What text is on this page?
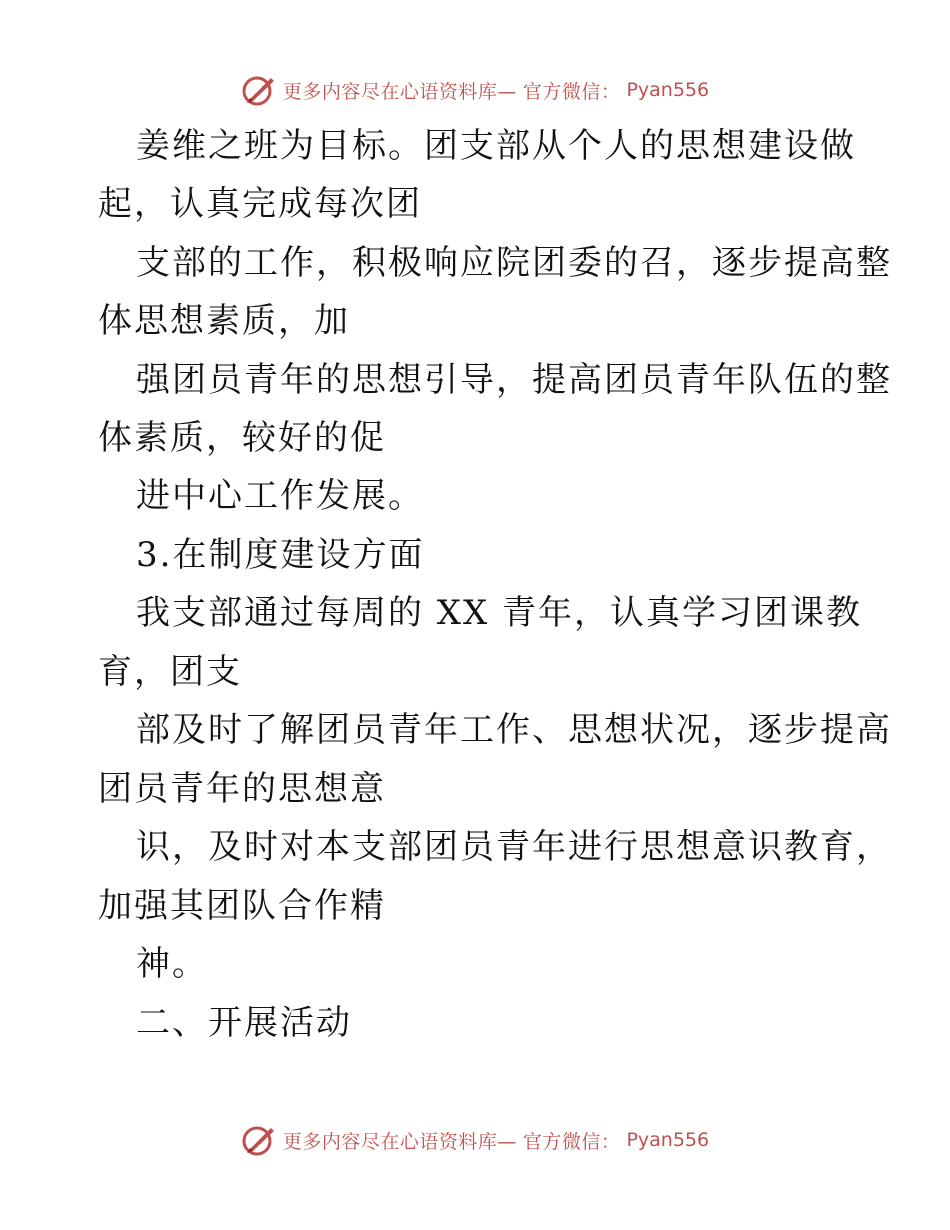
更多内容尽在心语资料库— 官方微信： Pyan556
姜维之班为目标。团支部从个人的思想建设做
起，认真完成每次团
支部的工作，积极响应院团委的召，逐步提高整
体思想素质，加
强团员青年的思想引导，提高团员青年队伍的整
体素质，较好的促
进中心工作发展。
3.在制度建设方面
我支部通过每周的 XX 青年，认真学习团课教
育，团支
部及时了解团员青年工作、思想状况，逐步提高
团员青年的思想意
识，及时对本支部团员青年进行思想意识教育，
加强其团队合作精
神。
二、开展活动
更多内容尽在心语资料库— 官方微信： Pyan556
